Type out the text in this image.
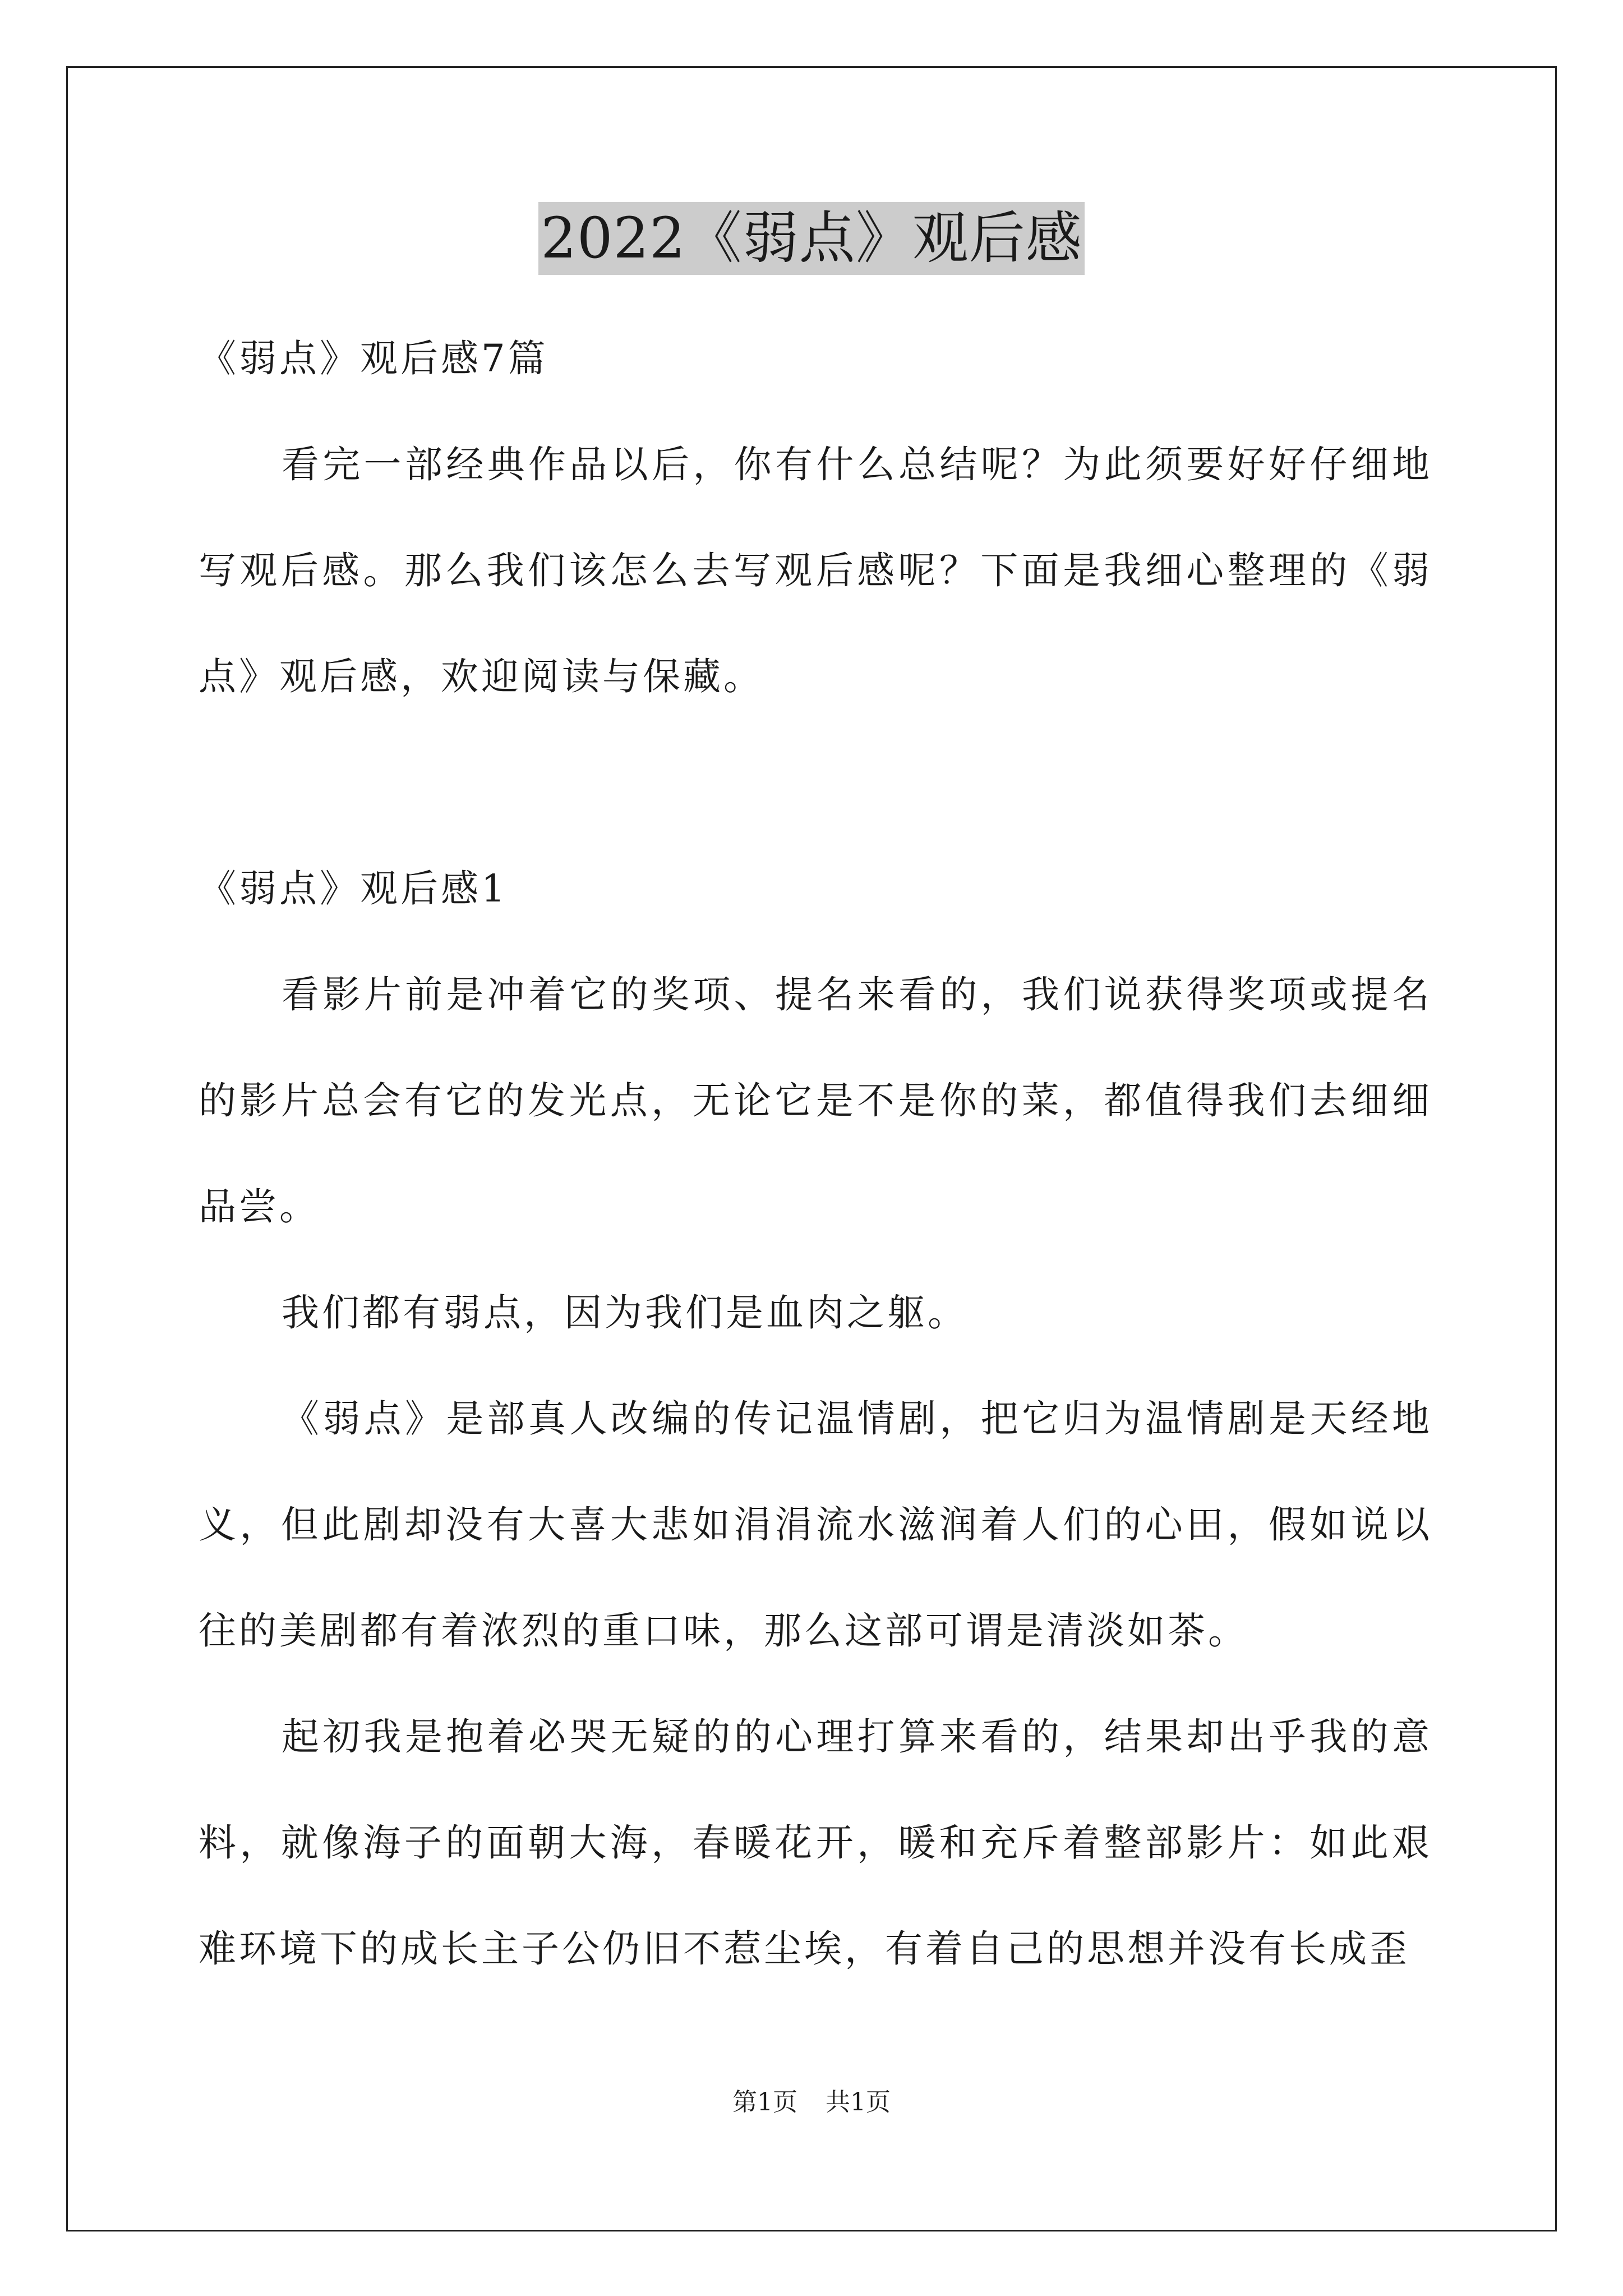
2022《弱点》观后感
《弱点》观后感7篇

看完一部经典作品以后，你有什么总结呢？为此须要好好仔细地写观后感。那么我们该怎么去写观后感呢？下面是我细心整理的《弱点》观后感，欢迎阅读与保藏。

《弱点》观后感1

看影片前是冲着它的奖项、提名来看的，我们说获得奖项或提名的影片总会有它的发光点，无论它是不是你的菜，都值得我们去细细品尝。

我们都有弱点，因为我们是血肉之躯。

《弱点》是部真人改编的传记温情剧，把它归为温情剧是天经地义，但此剧却没有大喜大悲如涓涓流水滋润着人们的心田，假如说以往的美剧都有着浓烈的重口味，那么这部可谓是清淡如茶。

起初我是抱着必哭无疑的的心理打算来看的，结果却出乎我的意料，就像海子的面朝大海，春暖花开，暖和充斥着整部影片：如此艰难环境下的成长主子公仍旧不惹尘埃，有着自己的思想并没有长成歪

第1页 共1页
